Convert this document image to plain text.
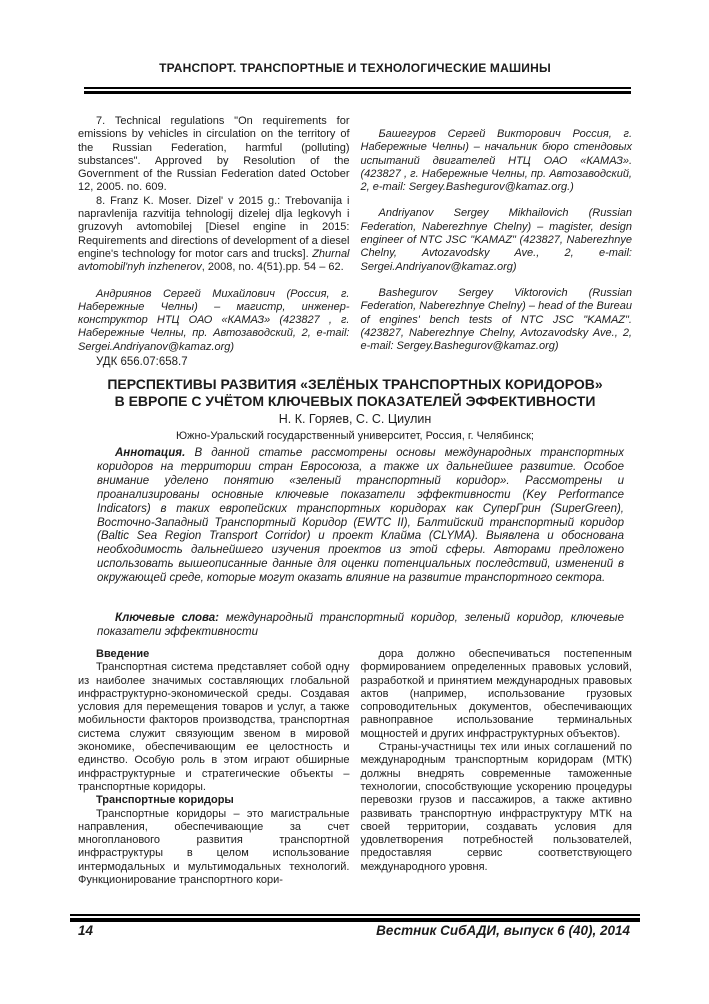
ТРАНСПОРТ. ТРАНСПОРТНЫЕ И ТЕХНОЛОГИЧЕСКИЕ МАШИНЫ

7. Technical regulations "On requirements for emissions by vehicles in circulation on the territory of the Russian Federation, harmful (polluting) substances". Approved by Resolution of the Government of the Russian Federation dated October 12, 2005. no. 609.

8. Franz K. Moser. Dizel' v 2015 g.: Trebovanija i napravlenija razvitija tehnologij dizelej dlja legkovyh i gruzovyh avtomobilej [Diesel engine in 2015: Requirements and directions of development of a diesel engine's technology for motor cars and trucks]. Zhurnal avtomobil'nyh inzhenerov, 2008, no. 4(51).pp. 54 – 62.

Андриянов Сергей Михайлович (Россия, г. Набережные Челны) – магистр, инженер-конструктор НТЦ ОАО «КАМАЗ» (423827 , г. Набережные Челны, пр. Автозаводский, 2, e-mail: Sergei.Andriyanov@kamaz.org)

Башегуров Сергей Викторович Россия, г. Набережные Челны) – начальник бюро стендовых испытаний двигателей НТЦ ОАО «КАМАЗ». (423827 , г. Набережные Челны, пр. Автозаводский, 2, e-mail: Sergey.Bashegurov@kamaz.org.)

Andriyanov Sergey Mikhailovich (Russian Federation, Naberezhnye Chelny) – magister, design engineer of NTC JSC "KAMAZ" (423827, Naberezhnye Chelny, Avtozavodsky Ave., 2, e-mail: Sergei.Andriyanov@kamaz.org)

Bashegurov Sergey Viktorovich (Russian Federation, Naberezhnye Chelny) – head of the Bureau of engines' bench tests of NTC JSC "KAMAZ". (423827, Naberezhnye Chelny, Avtozavodsky Ave., 2, e-mail: Sergey.Bashegurov@kamaz.org)

УДК 656.07:658.7
ПЕРСПЕКТИВЫ РАЗВИТИЯ «ЗЕЛЁНЫХ ТРАНСПОРТНЫХ КОРИДОРОВ»
В ЕВРОПЕ С УЧЁТОМ КЛЮЧЕВЫХ ПОКАЗАТЕЛЕЙ ЭФФЕКТИВНОСТИ
Н. К. Горяев, С. С. Циулин
Южно-Уральский государственный университет, Россия, г. Челябинск;

Аннотация. В данной статье рассмотрены основы международных транспортных коридоров на территории стран Евросоюза, а также их дальнейшее развитие. Особое внимание уделено понятию «зеленый транспортный коридор». Рассмотрены и проанализированы основные ключевые показатели эффективности (Key Performance Indicators) в таких европейских транспортных коридорах как СуперГрин (SuperGreen), Восточно-Западный Транспортный Коридор (EWTC II), Балтийский транспортный коридор (Baltic Sea Region Transport Corridor) и проект Клайма (CLYMA). Выявлена и обоснована необходимость дальнейшего изучения проектов из этой сферы. Авторами предложено использовать вышеописанные данные для оценки потенциальных последствий, изменений в окружающей среде, которые могут оказать влияние на развитие транспортного сектора.

Ключевые слова: международный транспортный коридор, зеленый коридор, ключевые показатели эффективности

Введение

Транспортная система представляет собой одну из наиболее значимых составляющих глобальной инфраструктурно-экономической среды. Создавая условия для перемещения товаров и услуг, а также мобильности факторов производства, транспортная система служит связующим звеном в мировой экономике, обеспечивающим ее целостность и единство. Особую роль в этом играют обширные инфраструктурные и стратегические объекты – транспортные коридоры.

Транспортные коридоры

Транспортные коридоры – это магистральные направления, обеспечивающие за счет многопланового развития транспортной инфраструктуры в целом использование интермодальных и мультимодальных технологий. Функционирование транспортного кори-

дора должно обеспечиваться постепенным формированием определенных правовых условий, разработкой и принятием международных правовых актов (например, использование грузовых сопроводительных документов, обеспечивающих равноправное использование терминальных мощностей и других инфраструктурных объектов).

Страны-участницы тех или иных соглашений по международным транспортным коридорам (МТК) должны внедрять современные таможенные технологии, способствующие ускорению процедуры перевозки грузов и пассажиров, а также активно развивать транспортную инфраструктуру МТК на своей территории, создавать условия для удовлетворения потребностей пользователей, предоставляя сервис соответствующего международного уровня.

14	Вестник СибАДИ, выпуск 6 (40), 2014
